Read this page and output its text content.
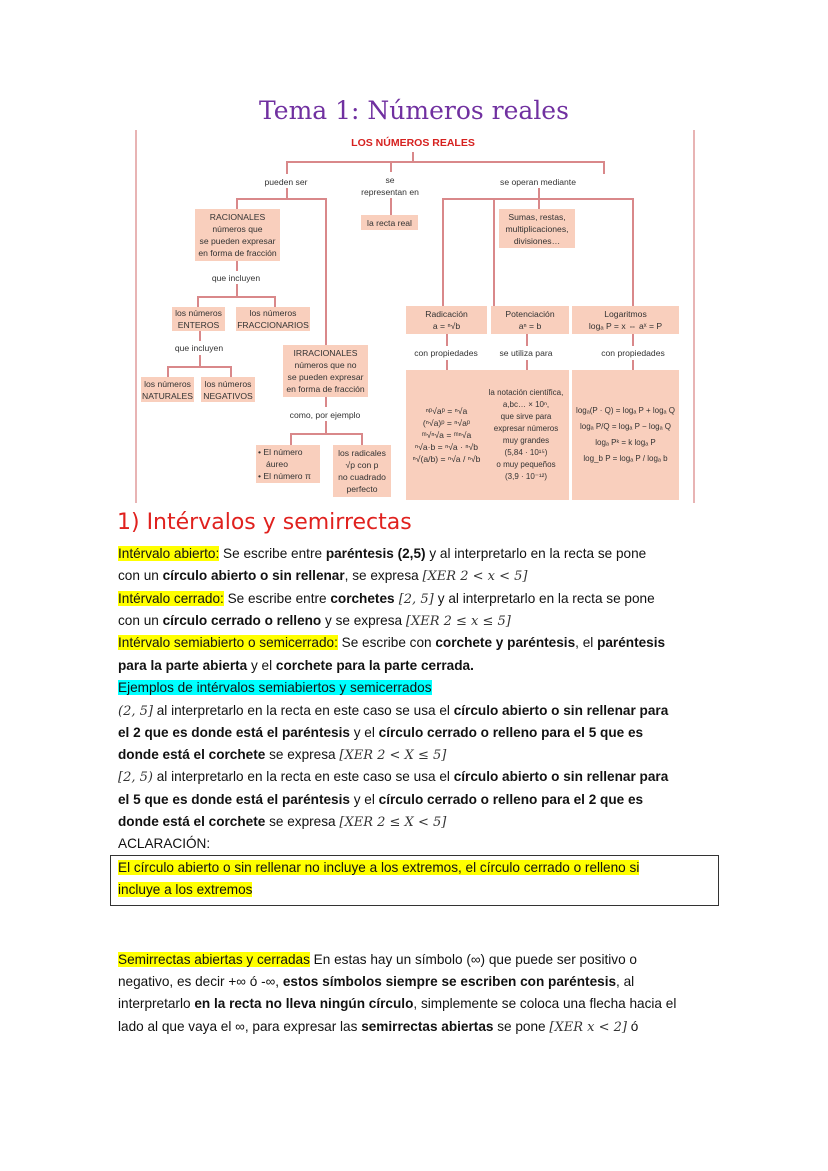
Tema 1: Números reales
LOS NÚMEROS REALES
pueden ser	se
representan en
se operan mediante
que incluyen
que incluyen
como, por ejemplo
con propiedades	se utiliza para	con propiedades
RACIONALES
números que
se pueden expresar
en forma de fracción
la recta real
Sumas, restas,
multiplicaciones,
divisiones…
los números
ENTEROS
los números
FRACCIONARIOS
los números
NATURALES
los números
NEGATIVOS
IRRACIONALES
números que no
se pueden expresar
en forma de fracción
• El número
áureo
• El número π
los radicales
√p con p
no cuadrado
perfecto
Radicación
a = ⁿ√b
Potenciación
aⁿ = b
Logaritmos
logₐ P = x ⇔ aˣ = P
ⁿᵖ√aᵖ = ⁿ√a
(ⁿ√a)ᵖ = ⁿ√aᵖ
ᵐ√ⁿ√a = ᵐⁿ√a
ⁿ√a·b = ⁿ√a · ⁿ√b
ⁿ√(a/b) = ⁿ√a / ⁿ√b
la notación científica,
a,bc… × 10ⁿ,
que sirve para
expresar números
muy grandes
(5,84 · 10¹⁵)
o muy pequeños
(3,9 · 10⁻¹²)
logₐ(P · Q) = logₐ P + logₐ Q
logₐ P/Q = logₐ P − logₐ Q
logₐ Pᵏ = k logₐ P
log_b P = logₐ P / logₐ b
1) Intérvalos y semirrectas
Intérvalo abierto: Se escribe entre paréntesis (2,5) y al interpretarlo en la recta se pone
con un círculo abierto o sin rellenar, se expresa [XER 2 < x < 5]
Intérvalo cerrado: Se escribe entre corchetes [2, 5] y al interpretarlo en la recta se pone
con un círculo cerrado o relleno y se expresa [XER 2 ≤ x ≤ 5]
Intérvalo semiabierto o semicerrado: Se escribe con corchete y paréntesis, el paréntesis
para la parte abierta y el corchete para la parte cerrada.
Ejemplos de intérvalos semiabiertos y semicerrados
(2, 5] al interpretarlo en la recta en este caso se usa el círculo abierto o sin rellenar para
el 2 que es donde está el paréntesis y el círculo cerrado o relleno para el 5 que es
donde está el corchete se expresa [XER 2 < X ≤ 5]
[2, 5) al interpretarlo en la recta en este caso se usa el círculo abierto o sin rellenar para
el 5 que es donde está el paréntesis y el círculo cerrado o relleno para el 2 que es
donde está el corchete se expresa [XER 2 ≤ X < 5]
ACLARACIÓN:
El círculo abierto o sin rellenar no incluye a los extremos, el círculo cerrado o relleno si
incluye a los extremos
Semirrectas abiertas y cerradas En estas hay un símbolo (∞) que puede ser positivo o
negativo, es decir +∞ ó -∞, estos símbolos siempre se escriben con paréntesis, al
interpretarlo en la recta no lleva ningún círculo, simplemente se coloca una flecha hacia el
lado al que vaya el ∞, para expresar las semirrectas abiertas se pone [XER x < 2] ó
